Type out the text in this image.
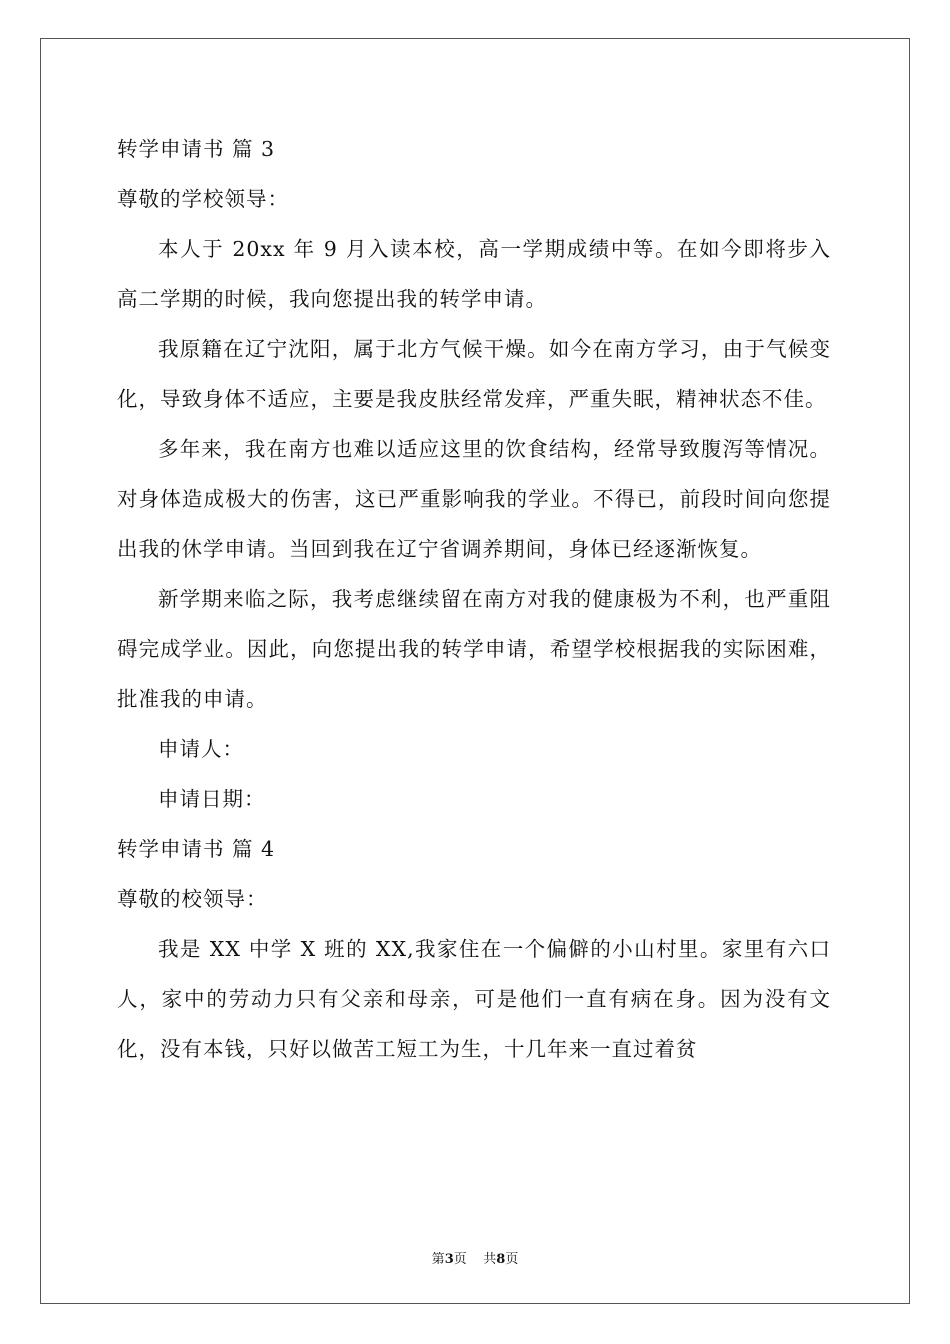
转学申请书 篇 3
尊敬的学校领导：

本人于 20xx 年 9 月入读本校，高一学期成绩中等。在如今即将步入高二学期的时候，我向您提出我的转学申请。

我原籍在辽宁沈阳，属于北方气候干燥。如今在南方学习，由于气候变化，导致身体不适应，主要是我皮肤经常发痒，严重失眠，精神状态不佳。

多年来，我在南方也难以适应这里的饮食结构，经常导致腹泻等情况。对身体造成极大的伤害，这已严重影响我的学业。不得已，前段时间向您提出我的休学申请。当回到我在辽宁省调养期间，身体已经逐渐恢复。

新学期来临之际，我考虑继续留在南方对我的健康极为不利，也严重阻碍完成学业。因此，向您提出我的转学申请，希望学校根据我的实际困难，批准我的申请。

申请人：
申请日期：
转学申请书 篇 4
尊敬的校领导：

我是 XX 中学 X 班的 XX,我家住在一个偏僻的小山村里。家里有六口人，家中的劳动力只有父亲和母亲，可是他们一直有病在身。因为没有文化，没有本钱，只好以做苦工短工为生，十几年来一直过着贫

第3页    共8页
